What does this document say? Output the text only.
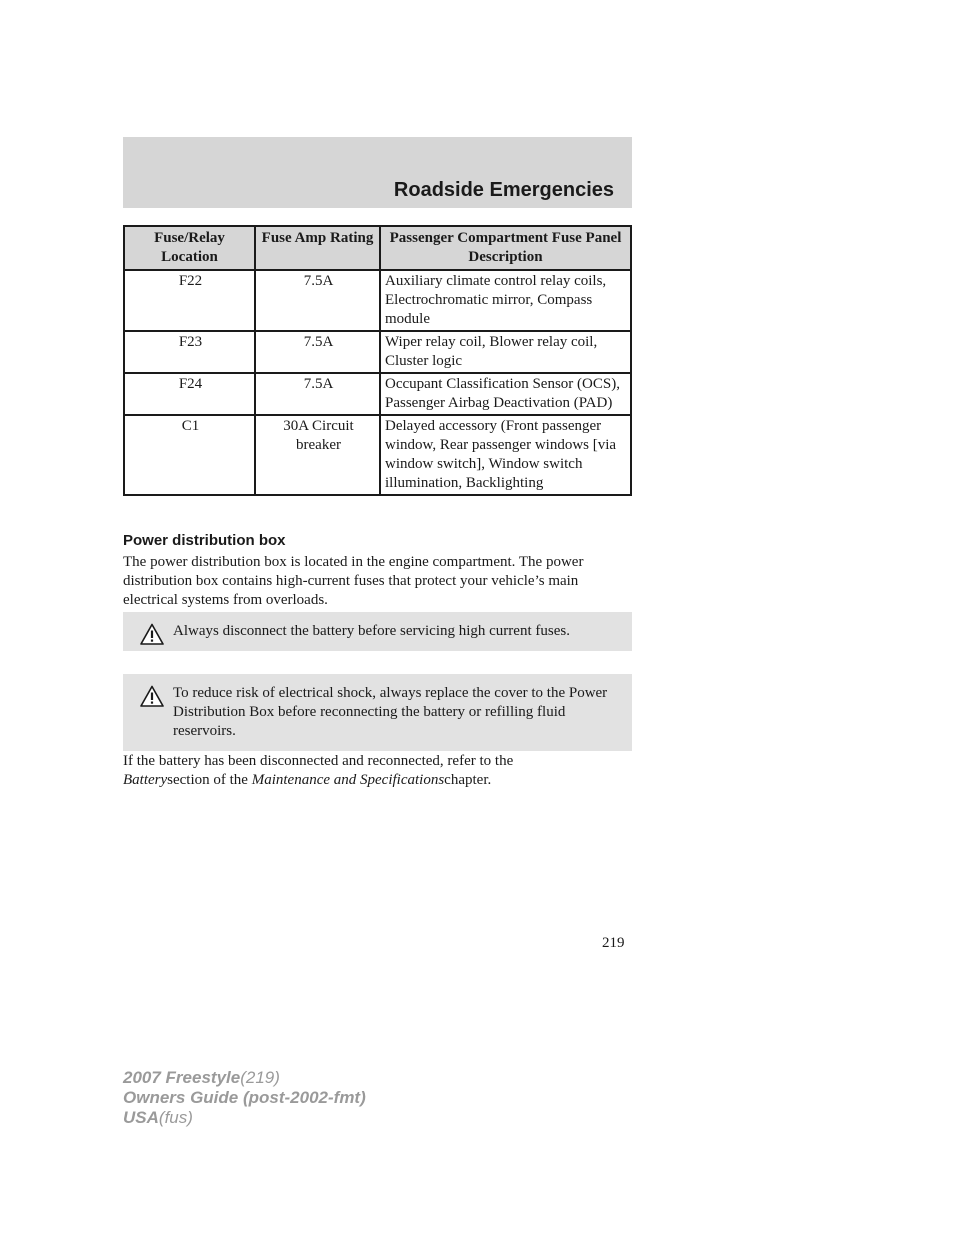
Roadside Emergencies
Fuse/Relay Location	Fuse Amp Rating	Passenger Compartment Fuse Panel Description
F22	7.5A	Auxiliary climate control relay coils, Electrochromatic mirror, Compass module
F23	7.5A	Wiper relay coil, Blower relay coil, Cluster logic
F24	7.5A	Occupant Classification Sensor (OCS), Passenger Airbag Deactivation (PAD)
C1	30A Circuit breaker	Delayed accessory (Front passenger window, Rear passenger windows [via window switch], Window switch illumination, Backlighting
Power distribution box
The power distribution box is located in the engine compartment. The power distribution box contains high-current fuses that protect your vehicle’s main electrical systems from overloads.
Always disconnect the battery before servicing high current fuses.
To reduce risk of electrical shock, always replace the cover to the Power Distribution Box before reconnecting the battery or refilling fluid reservoirs.
If the battery has been disconnected and reconnected, refer to the
Batterysection of the Maintenance and Specificationschapter.
219
2007 Freestyle(219)
Owners Guide (post-2002-fmt)
USA(fus)
